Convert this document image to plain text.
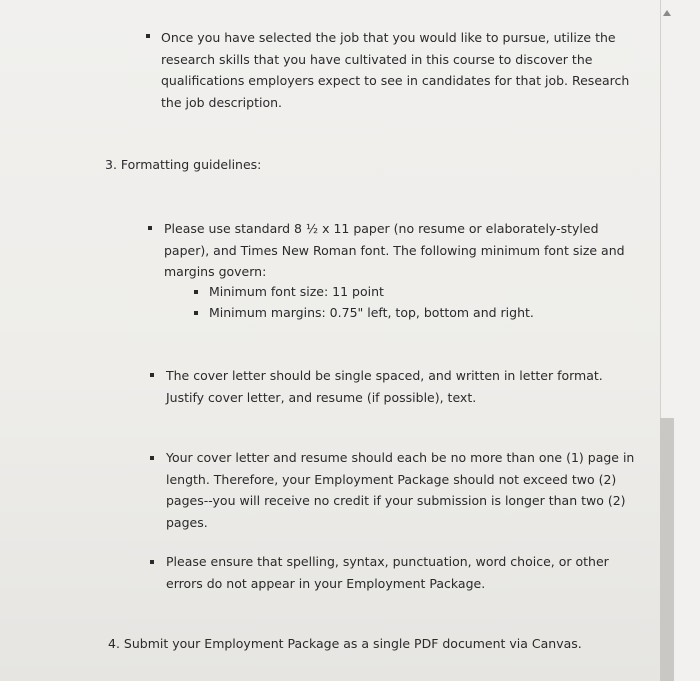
Once you have selected the job that you would like to pursue, utilize the research skills that you have cultivated in this course to discover the qualifications employers expect to see in candidates for that job. Research the job description.

3. Formatting guidelines:

Please use standard 8 ½ x 11 paper (no resume or elaborately-styled paper), and Times New Roman font. The following minimum font size and margins govern:

Minimum font size: 11 point

Minimum margins: 0.75" left, top, bottom and right.

The cover letter should be single spaced, and written in letter format. Justify cover letter, and resume (if possible), text.

Your cover letter and resume should each be no more than one (1) page in length. Therefore, your Employment Package should not exceed two (2) pages--you will receive no credit if your submission is longer than two (2) pages.

Please ensure that spelling, syntax, punctuation, word choice, or other errors do not appear in your Employment Package.

4. Submit your Employment Package as a single PDF document via Canvas.
